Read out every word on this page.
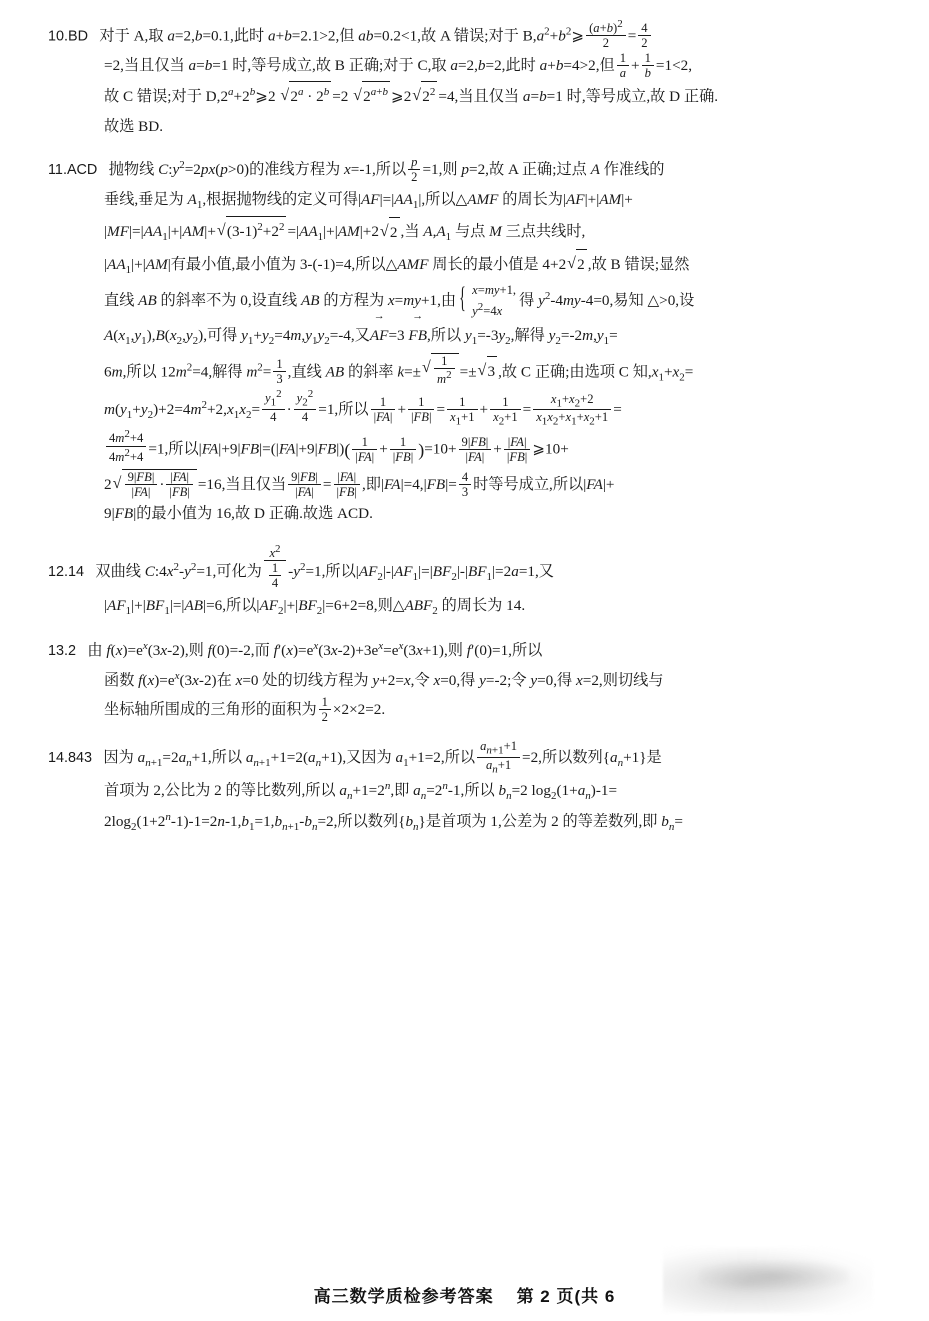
10.BD   对于 A,取 a=2,b=0.1,此时 a+b=2.1>2,但 ab=0.2<1,故 A 错误;对于 $B,a^2+b^2⩾ \frac{(a+b)2}{2} = \frac{4}{2}$
=2,当且仅当 a=b=1 时,等号成立,故 B 正确;对于 C,取 a=2,b=2,此时 a+b=4>2,但 $\frac{1}{a} + \frac{1}{b} =1<2$,
故 C 错误;对于 $D,2^a+2^b⩾2$ √ $2^a \cdot 2^b =2$ √ $2^{a+b}$ ⩾2 √ $2^2 =4$,当且仅当 a=b=1 时,等号成立,故 D 正确.
故选 BD.
11.ACD   抛物线 $C:y^2=2px(p>0)$的准线方程为 x=-1,所以 $\frac{p}{2} =1$,则 p=2,故 A 正确;过点 A 作准线的
垂线,垂足为 $A_1$,根据抛物线的定义可得$|AF|=|AA_1|$,所以△AMF 的周长为|AF|+|AM|+
$|MF|=|AA_1|+|AM|+$ √ $(3-1)^2+2^2 =|AA_1|+|AM|+2$ √ 2 ,当 $A,A_1$ 与点 M 三点共线时,
$|AA_1|+|AM|$有最小值,最小值为 3-(-1)=4,所以△AMF 周长的最小值是 4+2 √ 2 ,故 B 错误;显然
直线 AB 的斜率不为 0,设直线 AB 的方程为 x=my+1,由
{ x=my+1,
y2=4x
得 $y^2-4my-4=0$,易知 △>0,设
$A(x_1,y_1),B(x_2,y_2)$,可得 $y_1+y_2=4m,y_1y_2=-4$,又AF →=3 FB →,所以 $y_1=-3y_2$,解得 $y_2=-2m,y_1=$
6m,所以 $12m^2=4$,解得 $m^2= \frac{1}{3}$ ,直线 AB 的斜率 k=± √ $\frac{1}{m2}$ =± √ 3 ,故 C 正确;由选项 C 知$,x_1+x_2=$
$m(y_1+y_2)+2=4m^2+2,x_1x_2= \frac{y12}{4} \cdot \frac{y22}{4} =1$,所以 $\frac{1}{|FA|} + \frac{1}{|FB|} = \frac{1}{x1+1} + \frac{1}{x2+1} = \frac{x1+x2+2}{x1x2+x1+x2+1}$ =
$\frac{4m2+4}{4m2+4} =1$,所以$|FA|+9|FB|=(|FA|+9|FB|)( \frac{1}{|FA|} + \frac{1}{|FB|} )=10+ \frac{9|FB|}{|FA|} + \frac{|FA|}{|FB|}$ ⩾10+
2 √ $\frac{9|FB|}{|FA|} \cdot \frac{|FA|}{|FB|} =16$,当且仅当 $\frac{9|FB|}{|FA|} = \frac{|FA|}{|FB|}$ ,即$|FA|=4,|FB|= \frac{4}{3}$ 时等号成立,所以|FA|+
9|FB|的最小值为 16,故 D 正确.故选 ACD.
12.14   双曲线 $C:4x^2-y^2=1$,可化为 $\frac{x2}{\frac{1}{4}} -y^2=1$,所以$|AF_2|-|AF_1|=|BF_2|-|BF_1|=2a=1$,又
$|AF_1|+|BF_1|=|AB|=6$,所以$|AF_2|+|BF_2|=6+2=8$,则$\triangle ABF_2$ 的周长为 14.
13.2   由 $f(x)=e^x(3x-2)$,则 f(0)=-2,而 $f'(x)=e^x(3x-2)+3e^x=e^x(3x+1)$,则 f′(0)=1,所以
函数 $f(x)=e^x(3x-2)$在 x=0 处的切线方程为 y+2=x,令 x=0,得 y=-2;令 y=0,得 x=2,则切线与
坐标轴所围成的三角形的面积为 $\frac{1}{2} \times 2\times 2=2$.
14.843   因为 $a_{n+1}=2a_n+1$,所以 $a_{n+1}+1=2(a_n+1)$,又因为 $a_1+1=2$,所以 $\frac{an+1+1}{an+1} =2$,所以数列$\{a_n+1\}$是
首项为 2,公比为 2 的等比数列,所以 $a_n+1=2^n$,即 $a_n=2^n-1$,所以 $b_n=2$ $\log_2(1+a_n)-1=$
$2\log_2(1+2^n-1)-1=2n-1,b_1=1,b_{n+1}-b_n=2$,所以数列$\{b_n\}$是首项为 1,公差为 2 的等差数列,即 $b_n=$
高三数学质检参考答案 第 2 页(共 6
